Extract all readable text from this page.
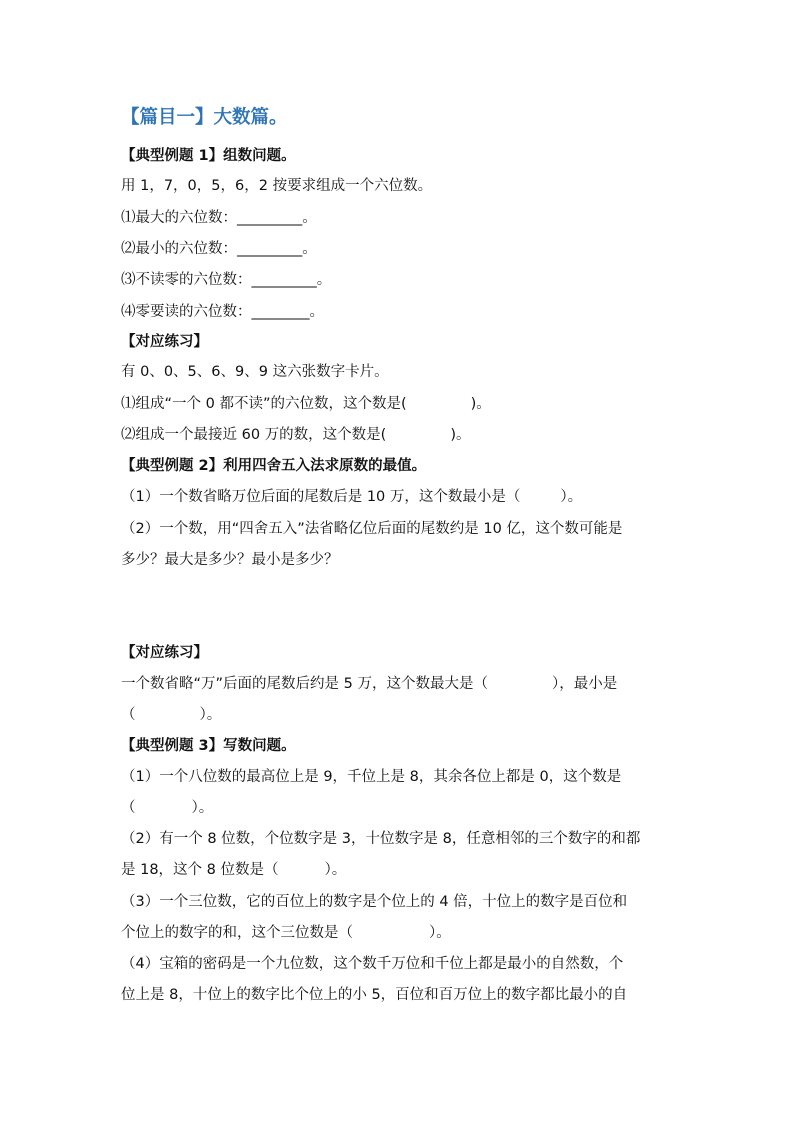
【篇目一】大数篇。

【典型例题 1】组数问题。

用 1，7，0，5，6，2 按要求组成一个六位数。

⑴最大的六位数：_________。

⑵最小的六位数：_________。

⑶不读零的六位数：_________。

⑷零要读的六位数：________。

【对应练习】

有 0、0、5、6、9、9 这六张数字卡片。

⑴组成“一个 0 都不读”的六位数，这个数是(	)。

⑵组成一个最接近 60 万的数，这个数是(	)。

【典型例题 2】利用四舍五入法求原数的最值。

（1）一个数省略万位后面的尾数后是 10 万，这个数最小是（	）。

（2）一个数，用“四舍五入”法省略亿位后面的尾数约是 10 亿，这个数可能是

多少？最大是多少？最小是多少？

【对应练习】

一个数省略“万”后面的尾数后约是 5 万，这个数最大是（	），最小是

（	）。

【典型例题 3】写数问题。

（1）一个八位数的最高位上是 9，千位上是 8，其余各位上都是 0，这个数是

（	）。

（2）有一个 8 位数，个位数字是 3，十位数字是 8，任意相邻的三个数字的和都

是 18，这个 8 位数是（	）。

（3）一个三位数，它的百位上的数字是个位上的 4 倍，十位上的数字是百位和

个位上的数字的和，这个三位数是（	）。

（4）宝箱的密码是一个九位数，这个数千万位和千位上都是最小的自然数，个

位上是 8，十位上的数字比个位上的小 5，百位和百万位上的数字都比最小的自
